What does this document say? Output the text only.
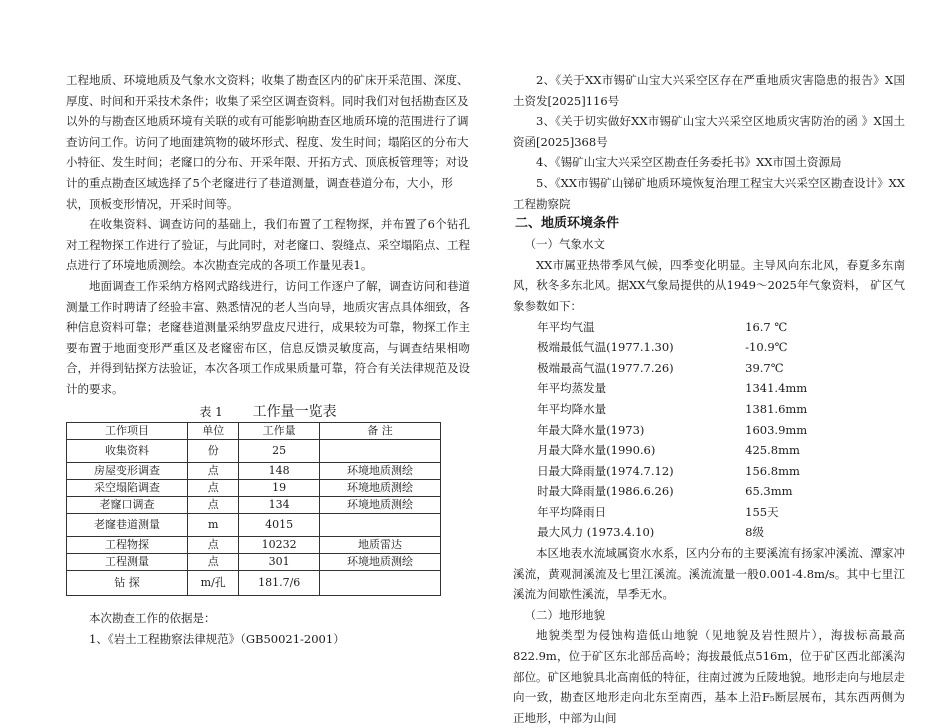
工程地质、环境地质及气象水文资料；收集了勘查区内的矿床开采范围、深度、厚度、时间和开采技术条件；收集了采空区调查资料。同时我们对包括勘查区及以外的与勘查区地质环境有关联的或有可能影响勘查区地质环境的范围进行了调查访问工作。访问了地面建筑物的破坏形式、程度、发生时间；塌陷区的分布大小特征、发生时间；老窿口的分布、开采年限、开拓方式、顶底板管理等；对设计的重点勘查区域选择了5个老窿进行了巷道测量，调查巷道分布，大小，形状，顶板变形情况，开采时间等。

在收集资料、调查访问的基础上，我们布置了工程物探，并布置了6个钻孔对工程物探工作进行了验证，与此同时，对老窿口、裂缝点、采空塌陷点、工程点进行了环境地质测绘。本次勘查完成的各项工作量见表1。

地面调查工作采纳方格网式路线进行，访问工作逐户了解，调查访问和巷道测量工作时聘请了经验丰富、熟悉情况的老人当向导，地质灾害点具体细致，各种信息资料可靠；老窿巷道测量采纳罗盘皮尺进行，成果较为可靠，物探工作主要布置于地面变形严重区及老窿密布区，信息反馈灵敏度高，与调查结果相吻合，并得到钻探方法验证，本次各项工作成果质量可靠，符合有关法律规范及设计的要求。

表 1 工作量一览表
工作项目	单位	工作量	备 注
收集资料	份	25	
房屋变形调查	点	148	环境地质测绘
采空塌陷调查	点	19	环境地质测绘
老窿口调查	点	134	环境地质测绘
老窿巷道测量	m	4015	
工程物探	点	10232	地质雷达
工程测量	点	301	环境地质测绘
钻 探	m/孔	181.7/6	

本次勘查工作的依据是：

1、《岩土工程勘察法律规范》（GB50021-2001）

2、《关于XX市锡矿山宝大兴采空区存在严重地质灾害隐患的报告》X国土资发[2025]116号

3、《关于切实做好XX市锡矿山宝大兴采空区地质灾害防治的函 》X国土资函[2025]368号

4、《锡矿山宝大兴采空区勘查任务委托书》XX市国土资源局

5、《XX市锡矿山锑矿地质环境恢复治理工程宝大兴采空区勘查设计》XX工程勘察院

二、地质环境条件

（一）气象水文

XX市属亚热带季风气候，四季变化明显。主导风向东北风，春夏多东南风，秋冬多东北风。据XX气象局提供的从1949～2025年气象资料， 矿区气象参数如下：

年平均气温	16.7 ℃
极端最低气温(1977.1.30)	-10.9℃
极端最高气温(1977.7.26)	39.7℃
年平均蒸发量	1341.4mm
年平均降水量	1381.6mm
年最大降水量(1973)	1603.9mm
月最大降水量(1990.6)	425.8mm
日最大降雨量(1974.7.12)	156.8mm
时最大降雨量(1986.6.26)	65.3mm
年平均降雨日	155天
最大风力 (1973.4.10)	8级

本区地表水流域属资水水系，区内分布的主要溪流有扬家冲溪流、潭家冲溪流，黄观洞溪流及七里江溪流。溪流流量一般0.001-4.8m/s。其中七里江溪流为间歇性溪流，旱季无水。

（二）地形地貌

地貌类型为侵蚀构造低山地貌（见地貌及岩性照片），海拔标高最高822.9m，位于矿区东北部岳高岭；海拔最低点516m，位于矿区西北部溪沟部位。矿区地貌具北高南低的特征，往南过渡为丘陵地貌。地形走向与地层走向一致，勘查区地形走向北东至南西，基本上沿F₅断层展布，其东西两侧为正地形，中部为山间
